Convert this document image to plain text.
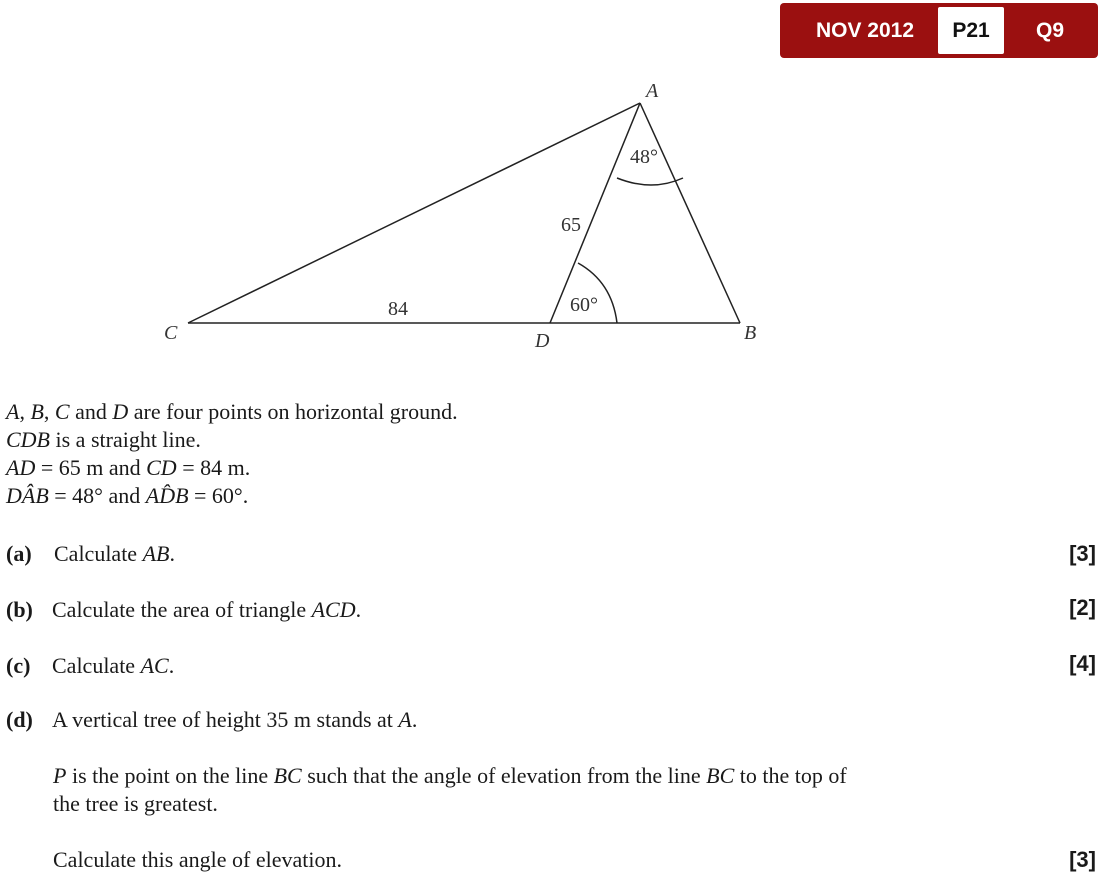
NOV 2012	P21	Q9
A
B
C	D
84
65
48°
60°
A, B, C and D are four points on horizontal ground.
CDB is a straight line.
AD = 65 m and CD = 84 m.
DÂB = 48° and AD̂B = 60°.
(a) Calculate AB.	[3]
(b) Calculate the area of triangle ACD.	[2]
(c) Calculate AC.	[4]
(d) A vertical tree of height 35 m stands at A.
P is the point on the line BC such that the angle of elevation from the line BC to the top of
the tree is greatest.
Calculate this angle of elevation.	[3]
